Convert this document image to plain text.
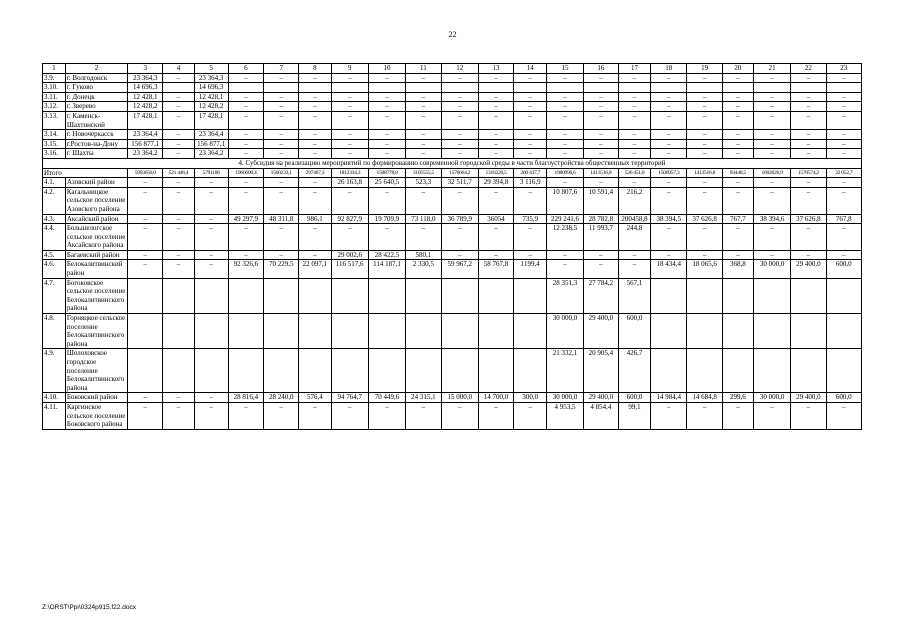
22
1	2	3	4	5	6	7	8	9	10	11	12	13	14	15	16	17	18	19	20	21	22	23
3.9.	г. Волгодонск	23 364,3	–	23 364,3	–	–	–	–	–	–	–	–	–	–	–	–	–	–	–	–	–	–
3.10.	г. Гуково	14 696,3		14 696,3																		
3.11.	г. Донецк	12 428,1	–	12 428,1	–	–	–	–	–	–	–	–	–	–	–	–	–	–	–	–	–	–
3.12.	г. Зверево	12 428,2	–	12 428,2	–	–	–	–	–	–	–	–	–	–	–	–	–	–	–	–	–	–
3.13.	г. Каменск-Шахтинский	17 428,1	–	17 428,1	–	–	–	–	–	–	–	–	–	–	–	–	–	–	–	–	–	–
3.14.	г. Новочеркасск	23 364,4	–	23 364,4	–	–	–	–	–	–	–	–	–	–	–	–	–	–	–	–	–	–
3.15.	г.Ростов-на-Дону	156 877,1	–	156 877,1	–	–	–	–	–	–	–	–	–	–	–	–	–	–	–	–	–	–
3.16.	г. Шахты	23 364,2	–	23 364,2	–	–	–	–	–	–	–	–	–	–	–	–	–	–	–	–	–	–
4. Субсидия на реализацию мероприятий по формированию современной городской среды в части благоустройства общественных территорий																						
Итого		5993650,0	521 446,4	5791186	1966600,4	1560233,1	297467,3	1812334,3	1508778,8	3105555,5	1576664,2	1316226,5	260 437,7	1980996,6	1413516,8	526 451,8	1506957,3	1413516,8	93440,5	1602626,9	1570574,2	32 052,7
4.1.	Азовский район	–	–	–	–	–	–	26 163,8	25 640,5	523,3	32 511,7	29 394,8	3 116,9	–	–	–	–	–	–	–	–	–
4.2.	Кагальницкое сельское поселение Азовского района	–	–	–	–	–	–	–	–	–	–	–	–	10 807,6	10 591,4	216,2	–	–	–	–	–	–
4.3.	Аксайский район	–	–	–	49 297,9	48 311,8	986,1	92 827,9	19 709,9	73 118,0	36 789,9	36054	735,9	229 241,6	28 782,8	200458,8	38 394,5	37 626,8	767,7	38 394,6	37 626,8	767,8
4.4.	Большелогское сельское поселение Аксайского района	–	–	–	–	–	–	–	–	–	–	–	–	12 238,5	11 993,7	244,8	–	–	–	–	–	–
4.5.	Багаевский район	–	–	–	–	–	–	29 002,6	28 422,5	580,1	–	–	–	–	–	–	–	–	–	–	–	–
4.6.	Белокалитвинский район	–	–	–	92 326,6	70 229,5	22 097,1	116 517,6	114 187,1	2 330,5	59 967,2	58 767,8	1199,4	–	–	–	18 434,4	18 065,6	368,8	30 000,0	29 400,0	600,0
4.7.	Богоковское сельское поселение Белокалитвинского района													28 351,3	27 784,2	567,1						
4.8.	Горняцкое сельское поселение Белокалитвинского района													30 000,0	29 400,0	600,0						
4.9.	Шолоховское городское поселение Белокалитвинского района													21 332,1	20 905,4	426,7						
4.10.	Боковский район	–	–	–	28 816,4	28 240,0	576,4	94 764,7	70 449,6	24 315,1	15 000,0	14 700,0	300,0	30 000,0	29 400,0	600,0	14 984,4	14 684,8	299,6	30 000,0	29 400,0	600,0
4.11.	Каргинское сельское поселение Боковского района	–	–	–	–	–	–	–	–	–	–	–	–	4 953,5	4 854,4	99,1	–	–	–	–	–	–
Z:\ORST\Ppi\0324p915.f22.docx
